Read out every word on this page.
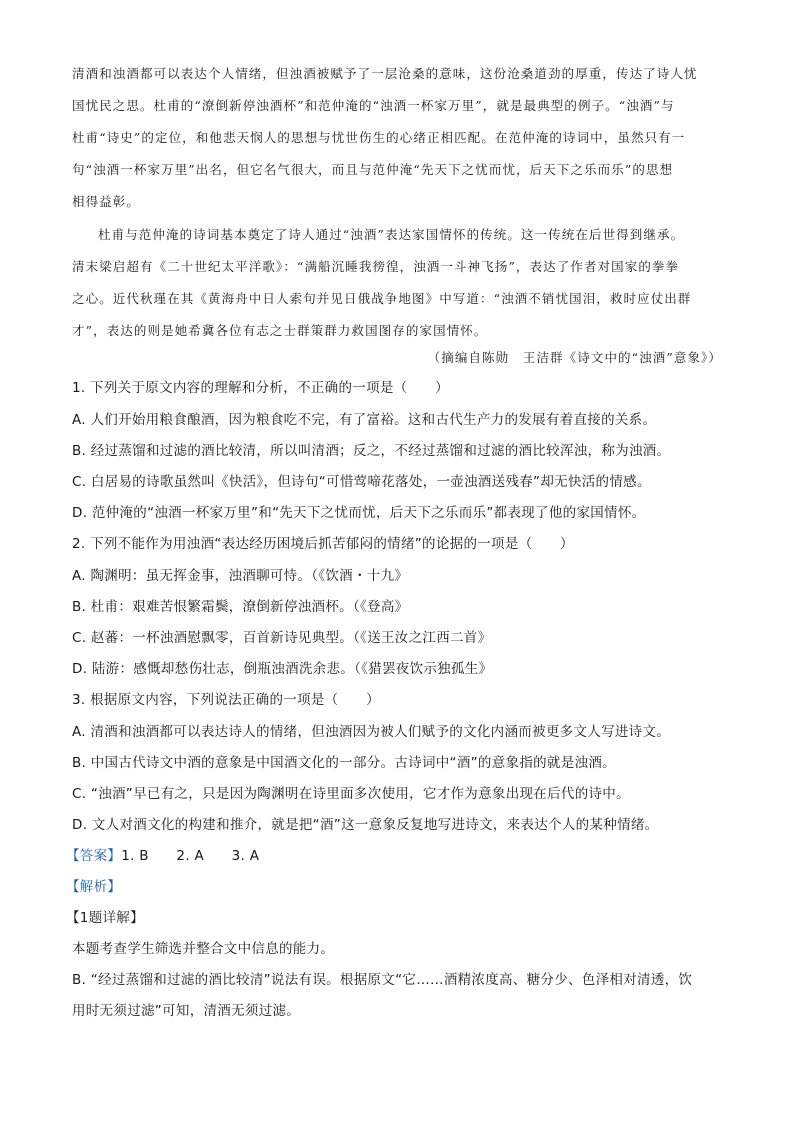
清酒和浊酒都可以表达个人情绪，但浊酒被赋予了一层沧桑的意味，这份沧桑道劲的厚重，传达了诗人忧
国忧民之思。杜甫的“潦倒新停浊酒杯”和范仲淹的“浊酒一杯家万里”，就是最典型的例子。“浊酒”与
杜甫“诗史”的定位，和他悲天悯人的思想与忧世伤生的心绪正相匹配。在范仲淹的诗词中，虽然只有一
句“浊酒一杯家万里”出名，但它名气很大，而且与范仲淹“先天下之忧而忧，后天下之乐而乐”的思想
相得益彰。
杜甫与范仲淹的诗词基本奠定了诗人通过“浊酒”表达家国情怀的传统。这一传统在后世得到继承。
清末梁启超有《二十世纪太平洋歌》：“满船沉睡我徬徨，浊酒一斗神飞扬”，表达了作者对国家的拳拳
之心。近代秋瑾在其《黄海舟中日人索句并见日俄战争地图》中写道：“浊酒不销忧国泪，救时应仗出群
才”，表达的则是她希冀各位有志之士群策群力救国图存的家国情怀。
（摘编自陈勋　王洁群《诗文中的“浊酒”意象》）
1. 下列关于原文内容的理解和分析，不正确的一项是（　　）
A. 人们开始用粮食酿酒，因为粮食吃不完，有了富裕。这和古代生产力的发展有着直接的关系。
B. 经过蒸馏和过滤的酒比较清，所以叫清酒；反之，不经过蒸馏和过滤的酒比较浑浊，称为浊酒。
C. 白居易的诗歌虽然叫《快活》，但诗句“可惜莺啼花落处，一壶浊酒送残春”却无快活的情感。
D. 范仲淹的“浊酒一杯家万里”和“先天下之忧而忧，后天下之乐而乐”都表现了他的家国情怀。
2. 下列不能作为用浊酒“表达经历困境后抓苦郁闷的情绪”的论据的一项是（　　）
A. 陶渊明：虽无挥金事，浊酒聊可恃。（《饮酒・十九》
B. 杜甫：艰难苦恨繁霜鬓，潦倒新停浊酒杯。（《登高》
C. 赵蕃：一杯浊酒慰飘零，百首新诗见典型。（《送王汝之江西二首》
D. 陆游：感慨却愁伤壮志，倒瓶浊酒洗余悲。（《猎罢夜饮示独孤生》
3. 根据原文内容，下列说法正确的一项是（　　）
A. 清酒和浊酒都可以表达诗人的情绪，但浊酒因为被人们赋予的文化内涵而被更多文人写进诗文。
B. 中国古代诗文中酒的意象是中国酒文化的一部分。古诗词中“酒”的意象指的就是浊酒。
C. “浊酒”早已有之，只是因为陶渊明在诗里面多次使用，它才作为意象出现在后代的诗中。
D. 文人对酒文化的构建和推介，就是把“酒”这一意象反复地写进诗文，来表达个人的某种情绪。
【答案】1. B　　2. A　　3. A
【解析】
【1题详解】
本题考查学生筛选并整合文中信息的能力。
B. “经过蒸馏和过滤的酒比较清”说法有误。根据原文“它……酒精浓度高、糖分少、色泽相对清透，饮
用时无须过滤”可知，清酒无须过滤。
